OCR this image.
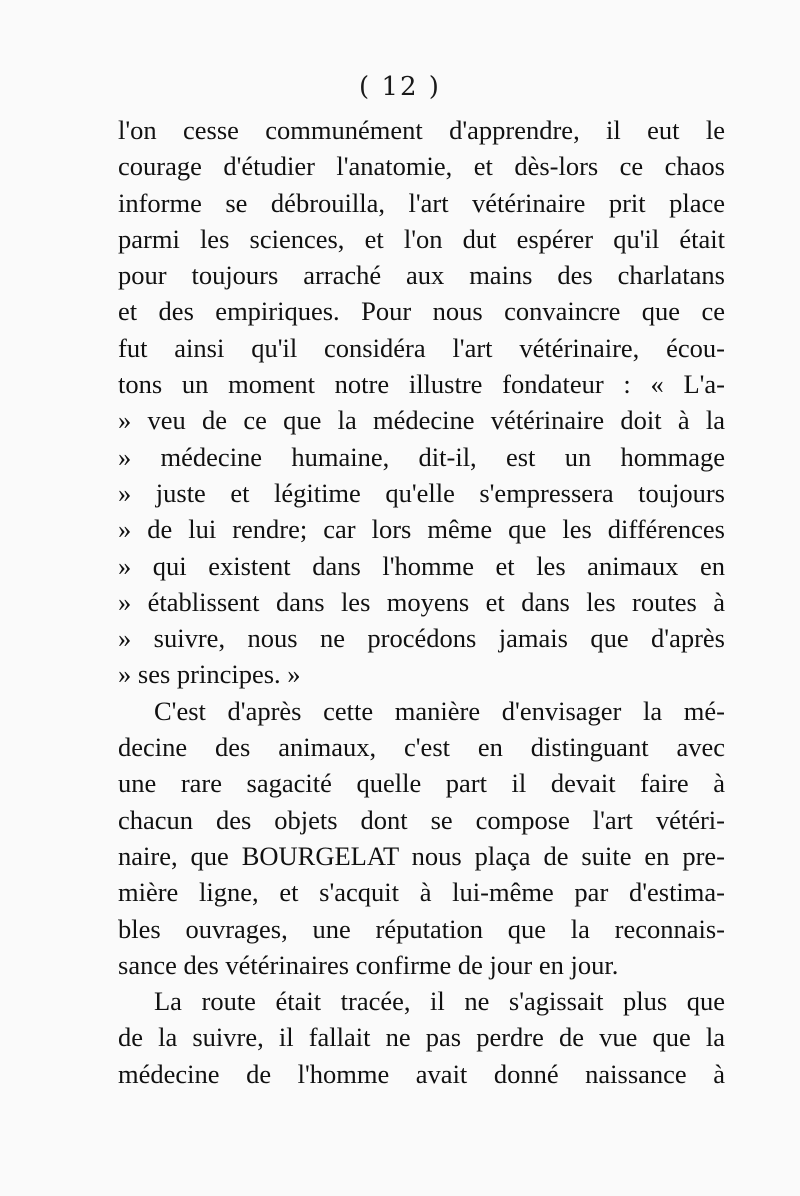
( 12 )
l'on cesse communément d'apprendre, il eut le
courage d'étudier l'anatomie, et dès-lors ce chaos
informe se débrouilla, l'art vétérinaire prit place
parmi les sciences, et l'on dut espérer qu'il était
pour toujours arraché aux mains des charlatans
et des empiriques. Pour nous convaincre que ce
fut ainsi qu'il considéra l'art vétérinaire, écou-
tons un moment notre illustre fondateur : « L'a-
» veu de ce que la médecine vétérinaire doit à la
» médecine humaine, dit-il, est un hommage
» juste et légitime qu'elle s'empressera toujours
» de lui rendre; car lors même que les différences
» qui existent dans l'homme et les animaux en
» établissent dans les moyens et dans les routes à
» suivre, nous ne procédons jamais que d'après
» ses principes. »
C'est d'après cette manière d'envisager la mé-
decine des animaux, c'est en distinguant avec
une rare sagacité quelle part il devait faire à
chacun des objets dont se compose l'art vétéri-
naire, que BOURGELAT nous plaça de suite en pre-
mière ligne, et s'acquit à lui-même par d'estima-
bles ouvrages, une réputation que la reconnais-
sance des vétérinaires confirme de jour en jour.
La route était tracée, il ne s'agissait plus que
de la suivre, il fallait ne pas perdre de vue que la
médecine de l'homme avait donné naissance à
